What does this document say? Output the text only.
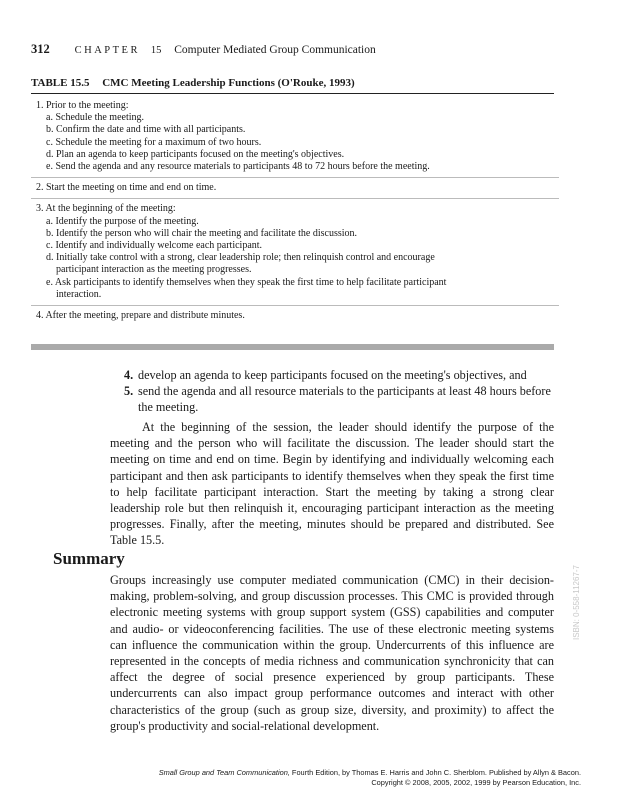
312 CHAPTER 15 Computer Mediated Group Communication
TABLE 15.5 CMC Meeting Leadership Functions (O'Rouke, 1993)
1. Prior to the meeting:
a. Schedule the meeting.
b. Confirm the date and time with all participants.
c. Schedule the meeting for a maximum of two hours.
d. Plan an agenda to keep participants focused on the meeting's objectives.
e. Send the agenda and any resource materials to participants 48 to 72 hours before the meeting.
2. Start the meeting on time and end on time.
3. At the beginning of the meeting:
a. Identify the purpose of the meeting.
b. Identify the person who will chair the meeting and facilitate the discussion.
c. Identify and individually welcome each participant.
d. Initially take control with a strong, clear leadership role; then relinquish control and encourage
participant interaction as the meeting progresses.
e. Ask participants to identify themselves when they speak the first time to help facilitate participant
interaction.
4. After the meeting, prepare and distribute minutes.
4. develop an agenda to keep participants focused on the meeting's objectives, and
5. send the agenda and all resource materials to the participants at least 48 hours before the meeting.
At the beginning of the session, the leader should identify the purpose of the meeting and the person who will facilitate the discussion. The leader should start the meeting on time and end on time. Begin by identifying and individually welcoming each participant and then ask participants to identify themselves when they speak the first time to help facilitate participant interaction. Start the meeting by taking a strong clear leadership role but then relinquish it, encouraging participant interaction as the meeting progresses. Finally, after the meeting, minutes should be prepared and distributed. See Table 15.5.
Summary
Groups increasingly use computer mediated communication (CMC) in their decision-making, problem-solving, and group discussion processes. This CMC is provided through electronic meeting systems with group support system (GSS) capabilities and computer and audio- or videoconferencing facilities. The use of these electronic meeting systems can influence the communication within the group. Undercurrents of this influence are represented in the concepts of media richness and communication synchronicity that can affect the degree of social presence experienced by group participants. These undercurrents can also impact group performance outcomes and interact with other characteristics of the group (such as group size, diversity, and proximity) to affect the group's productivity and social-relational development.
ISBN: 0-558-11267-7
Small Group and Team Communication, Fourth Edition, by Thomas E. Harris and John C. Sherblom. Published by Allyn & Bacon.
Copyright © 2008, 2005, 2002, 1999 by Pearson Education, Inc.
